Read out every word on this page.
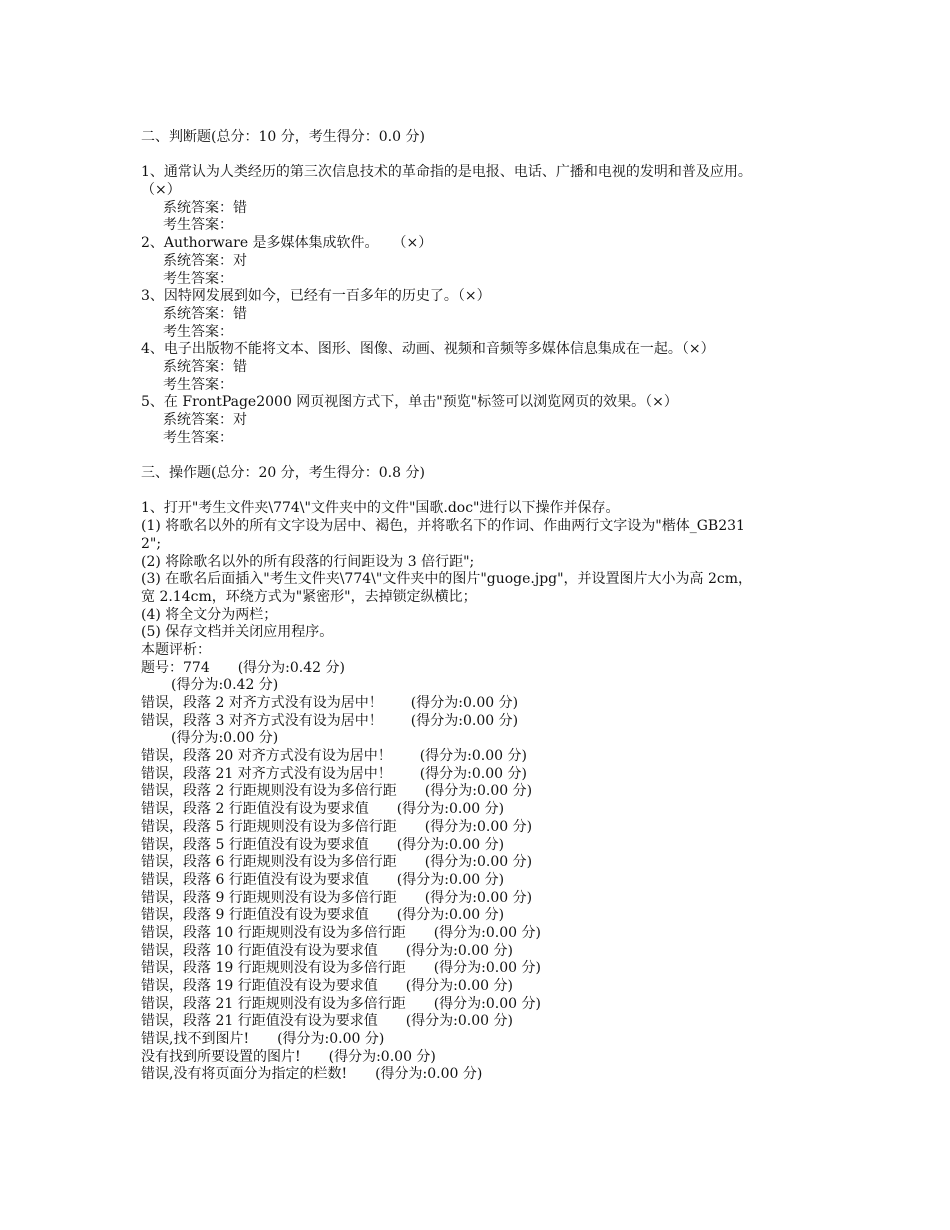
二、判断题(总分：10 分，考生得分：0.0 分)
1、通常认为人类经历的第三次信息技术的革命指的是电报、电话、广播和电视的发明和普及应用。
（×）
系统答案：错
考生答案：
2、Authorware 是多媒体集成软件。　　（×）
系统答案：对
考生答案：
3、因特网发展到如今，已经有一百多年的历史了。（×）
系统答案：错
考生答案：
4、电子出版物不能将文本、图形、图像、动画、视频和音频等多媒体信息集成在一起。（×）
系统答案：错
考生答案：
5、在 FrontPage2000 网页视图方式下，单击"预览"标签可以浏览网页的效果。（×）
系统答案：对
考生答案：
三、操作题(总分：20 分，考生得分：0.8 分)
1、打开"考生文件夹\774\"文件夹中的文件"国歌.doc"进行以下操作并保存。
(1) 将歌名以外的所有文字设为居中、褐色，并将歌名下的作词、作曲两行文字设为"楷体_GB231
2";
(2) 将除歌名以外的所有段落的行间距设为 3 倍行距";
(3) 在歌名后面插入"考生文件夹\774\"文件夹中的图片"guoge.jpg"，并设置图片大小为高 2cm，
宽 2.14cm，环绕方式为"紧密形"，去掉锁定纵横比；
(4) 将全文分为两栏；
(5) 保存文档并关闭应用程序。
本题评析：
题号：774　　(得分为:0.42 分)
(得分为:0.42 分)
错误，段落 2 对齐方式没有设为居中！　　(得分为:0.00 分)
错误，段落 3 对齐方式没有设为居中！　　(得分为:0.00 分)
(得分为:0.00 分)
错误，段落 20 对齐方式没有设为居中！　　(得分为:0.00 分)
错误，段落 21 对齐方式没有设为居中！　　(得分为:0.00 分)
错误，段落 2 行距规则没有设为多倍行距　　(得分为:0.00 分)
错误，段落 2 行距值没有设为要求值　　(得分为:0.00 分)
错误，段落 5 行距规则没有设为多倍行距　　(得分为:0.00 分)
错误，段落 5 行距值没有设为要求值　　(得分为:0.00 分)
错误，段落 6 行距规则没有设为多倍行距　　(得分为:0.00 分)
错误，段落 6 行距值没有设为要求值　　(得分为:0.00 分)
错误，段落 9 行距规则没有设为多倍行距　　(得分为:0.00 分)
错误，段落 9 行距值没有设为要求值　　(得分为:0.00 分)
错误，段落 10 行距规则没有设为多倍行距　　(得分为:0.00 分)
错误，段落 10 行距值没有设为要求值　　(得分为:0.00 分)
错误，段落 19 行距规则没有设为多倍行距　　(得分为:0.00 分)
错误，段落 19 行距值没有设为要求值　　(得分为:0.00 分)
错误，段落 21 行距规则没有设为多倍行距　　(得分为:0.00 分)
错误，段落 21 行距值没有设为要求值　　(得分为:0.00 分)
错误,找不到图片!　　(得分为:0.00 分)
没有找到所要设置的图片!　　(得分为:0.00 分)
错误,没有将页面分为指定的栏数!　　(得分为:0.00 分)
